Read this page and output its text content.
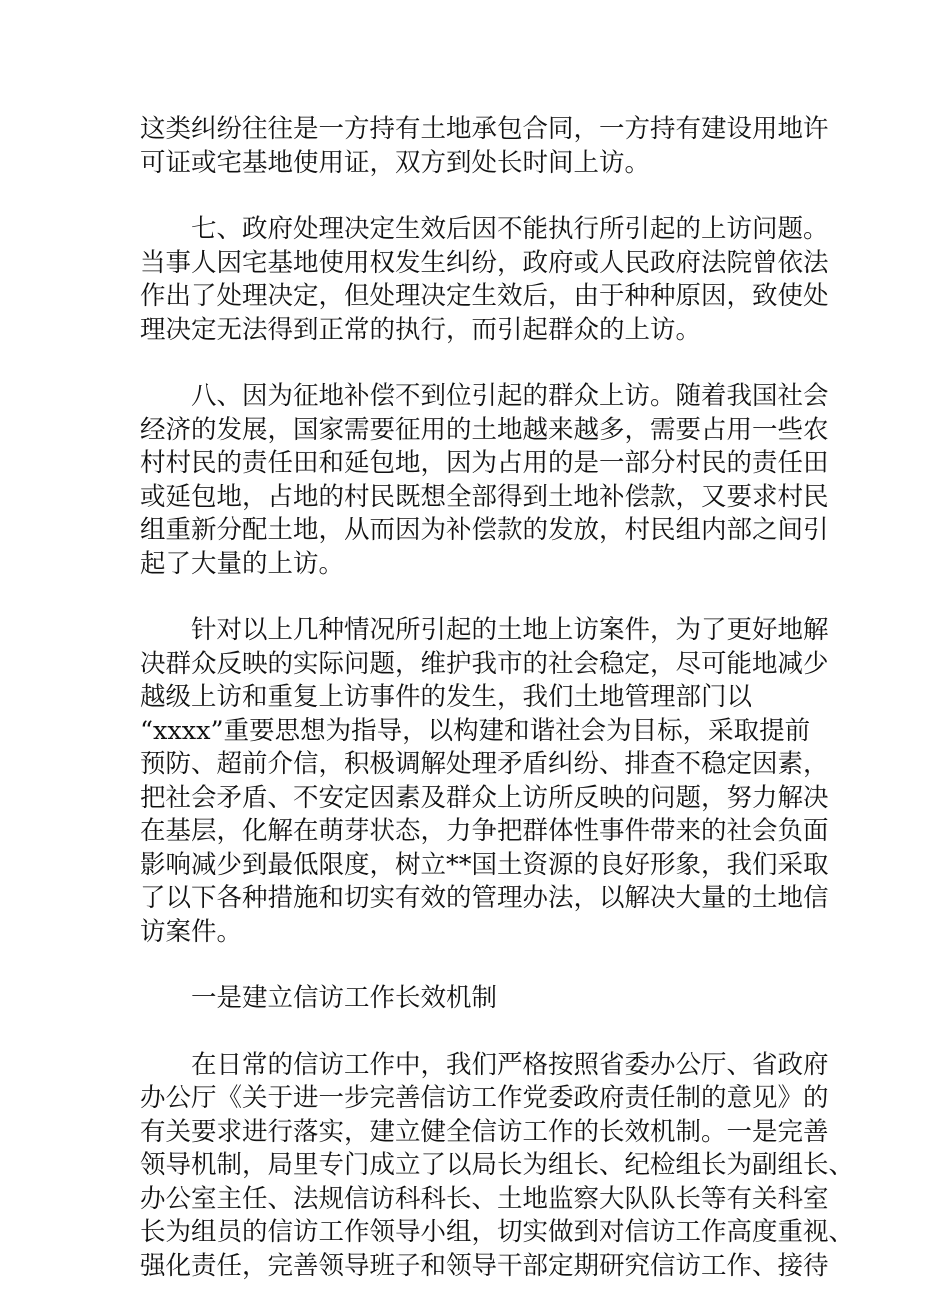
这类纠纷往往是一方持有土地承包合同，一方持有建设用地许
可证或宅基地使用证，双方到处长时间上访。

七、政府处理决定生效后因不能执行所引起的上访问题。
当事人因宅基地使用权发生纠纷，政府或人民政府法院曾依法
作出了处理决定，但处理决定生效后，由于种种原因，致使处
理决定无法得到正常的执行，而引起群众的上访。

八、因为征地补偿不到位引起的群众上访。随着我国社会
经济的发展，国家需要征用的土地越来越多，需要占用一些农
村村民的责任田和延包地，因为占用的是一部分村民的责任田
或延包地，占地的村民既想全部得到土地补偿款，又要求村民
组重新分配土地，从而因为补偿款的发放，村民组内部之间引
起了大量的上访。

针对以上几种情况所引起的土地上访案件，为了更好地解
决群众反映的实际问题，维护我市的社会稳定，尽可能地减少
越级上访和重复上访事件的发生，我们土地管理部门以
“xxxx”重要思想为指导，以构建和谐社会为目标，采取提前
预防、超前介信，积极调解处理矛盾纠纷、排查不稳定因素，
把社会矛盾、不安定因素及群众上访所反映的问题，努力解决
在基层，化解在萌芽状态，力争把群体性事件带来的社会负面
影响减少到最低限度，树立**国土资源的良好形象，我们采取
了以下各种措施和切实有效的管理办法，以解决大量的土地信
访案件。

一是建立信访工作长效机制

在日常的信访工作中，我们严格按照省委办公厅、省政府
办公厅《关于进一步完善信访工作党委政府责任制的意见》的
有关要求进行落实，建立健全信访工作的长效机制。一是完善
领导机制，局里专门成立了以局长为组长、纪检组长为副组长、
办公室主任、法规信访科科长、土地监察大队队长等有关科室
长为组员的信访工作领导小组，切实做到对信访工作高度重视、
强化责任，完善领导班子和领导干部定期研究信访工作、接待
